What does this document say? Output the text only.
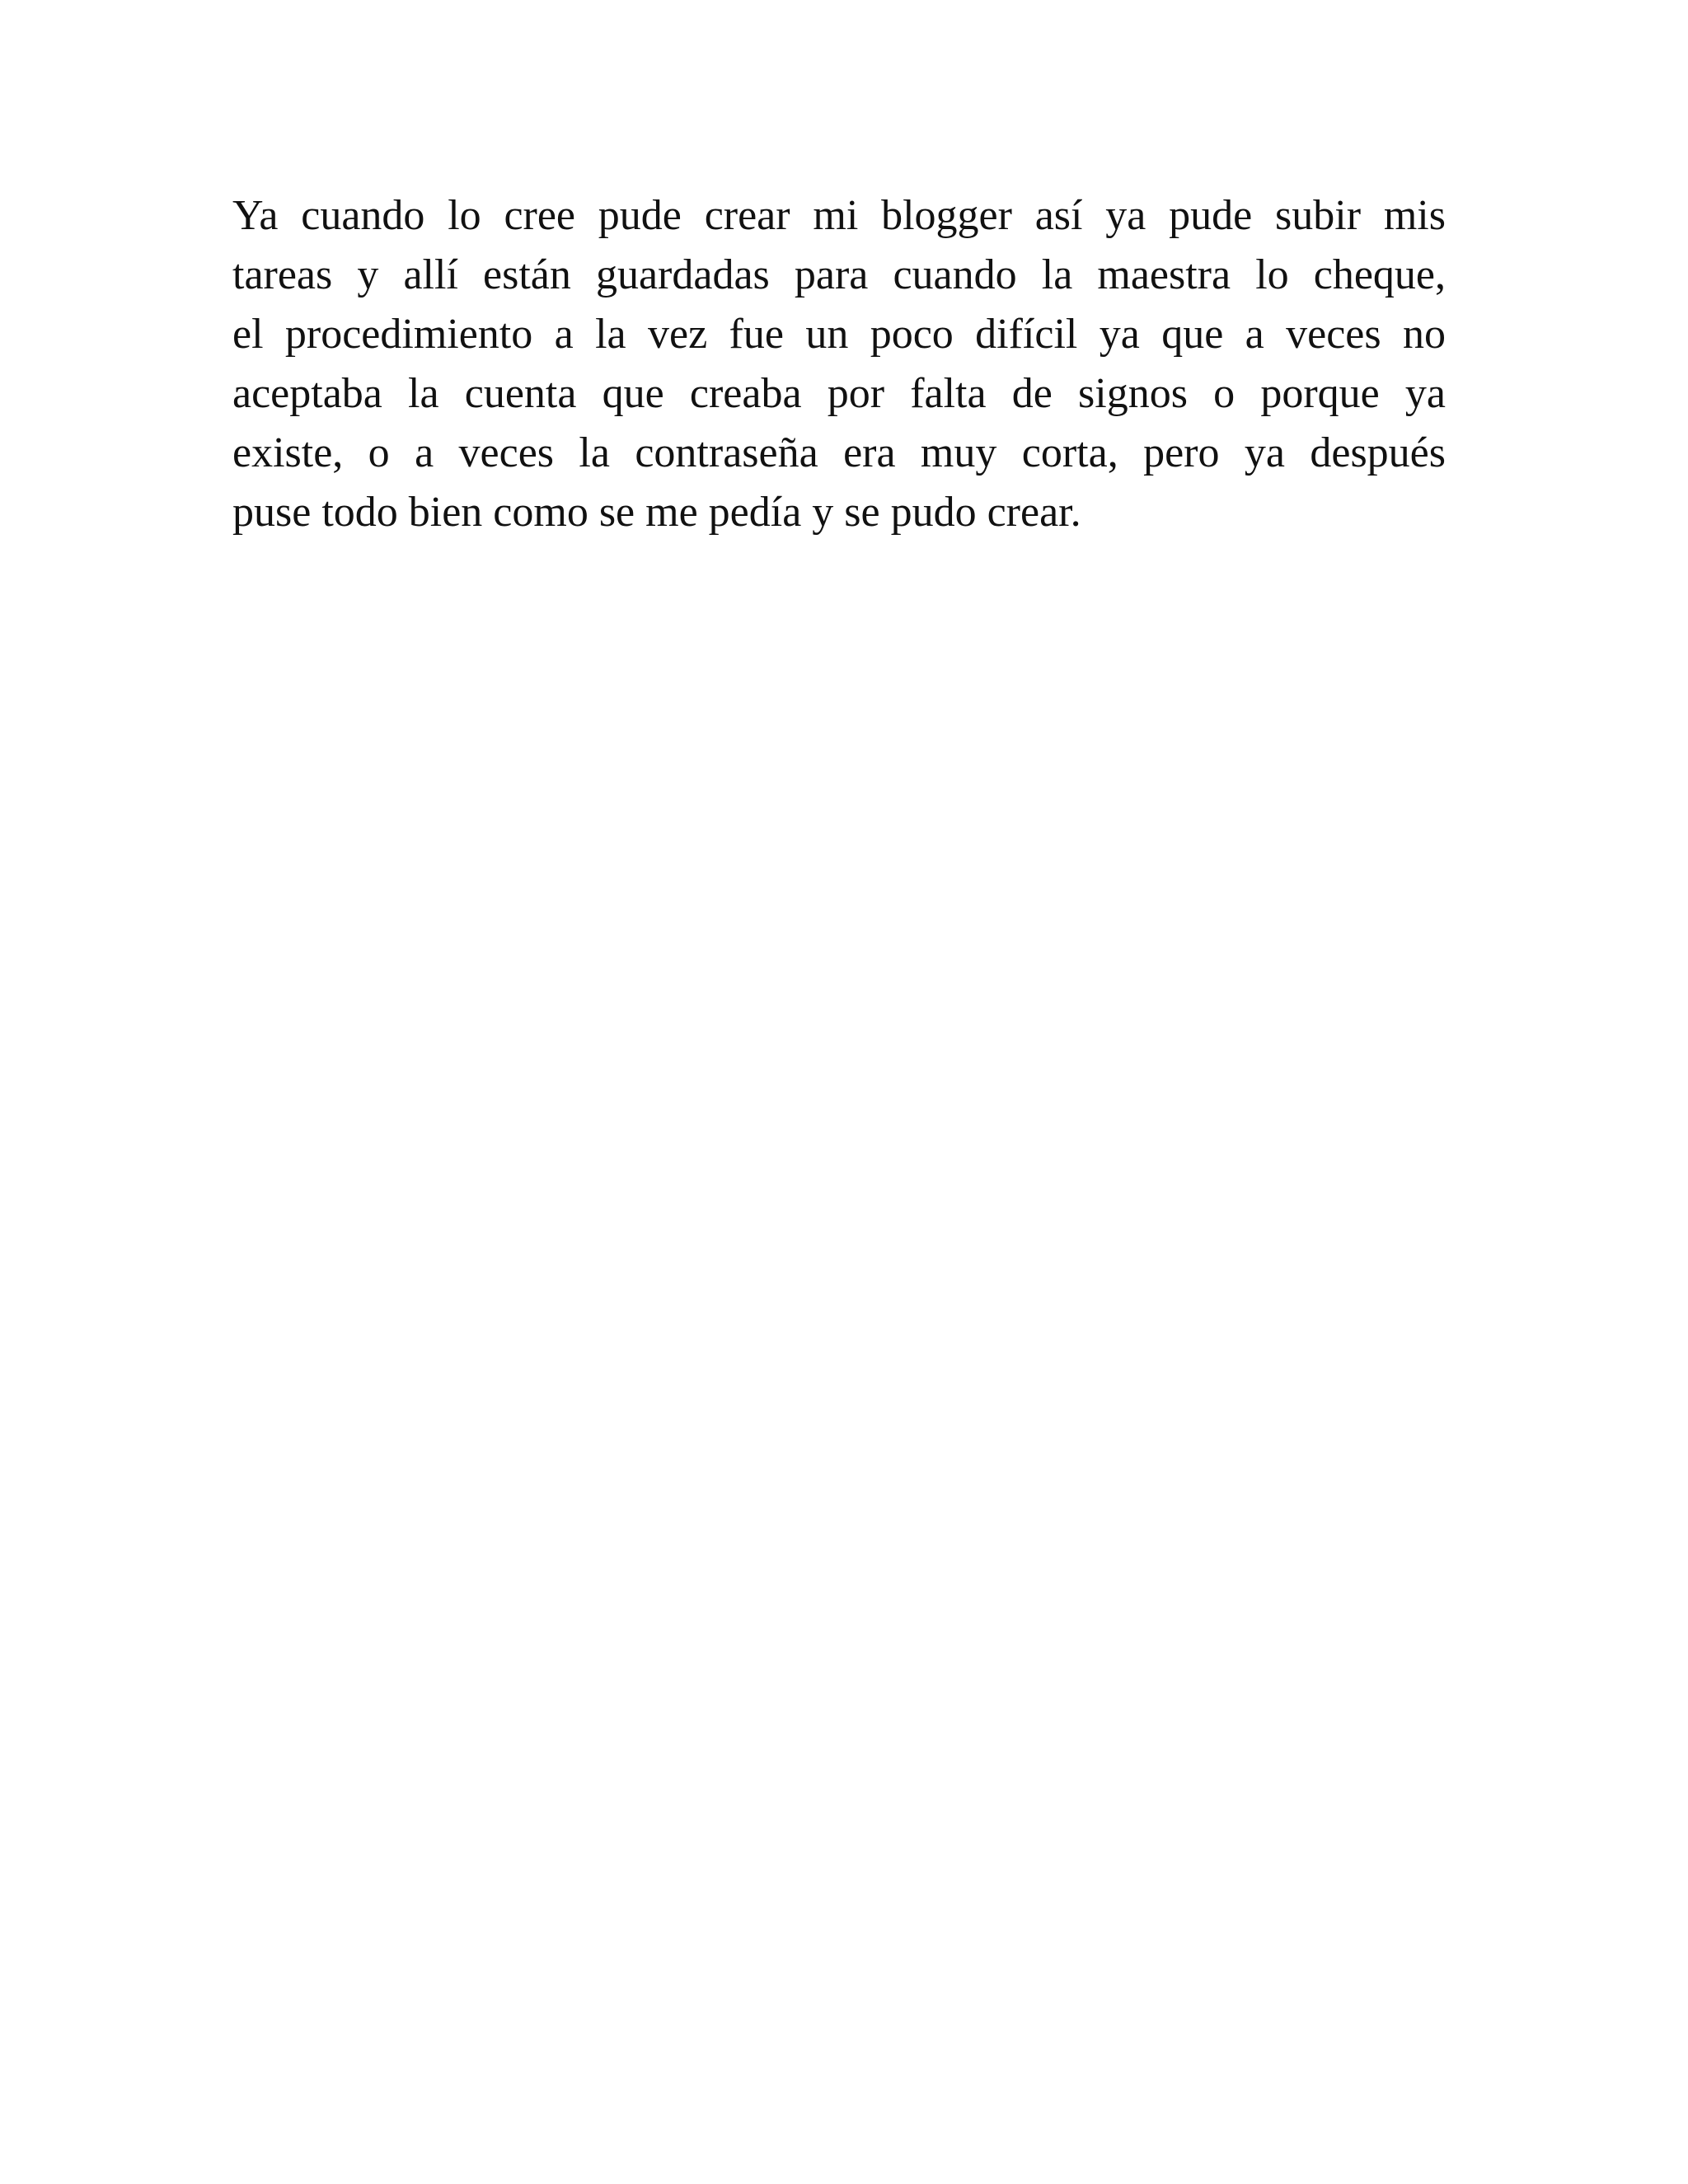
Ya cuando lo cree pude crear mi blogger así ya pude subir mis
tareas y allí están guardadas para cuando la maestra lo cheque,
el procedimiento a la vez fue un poco difícil ya que a veces no
aceptaba la cuenta que creaba por falta de signos o porque ya
existe, o a veces la contraseña era muy corta, pero ya después
puse todo bien como se me pedía y se pudo crear.
